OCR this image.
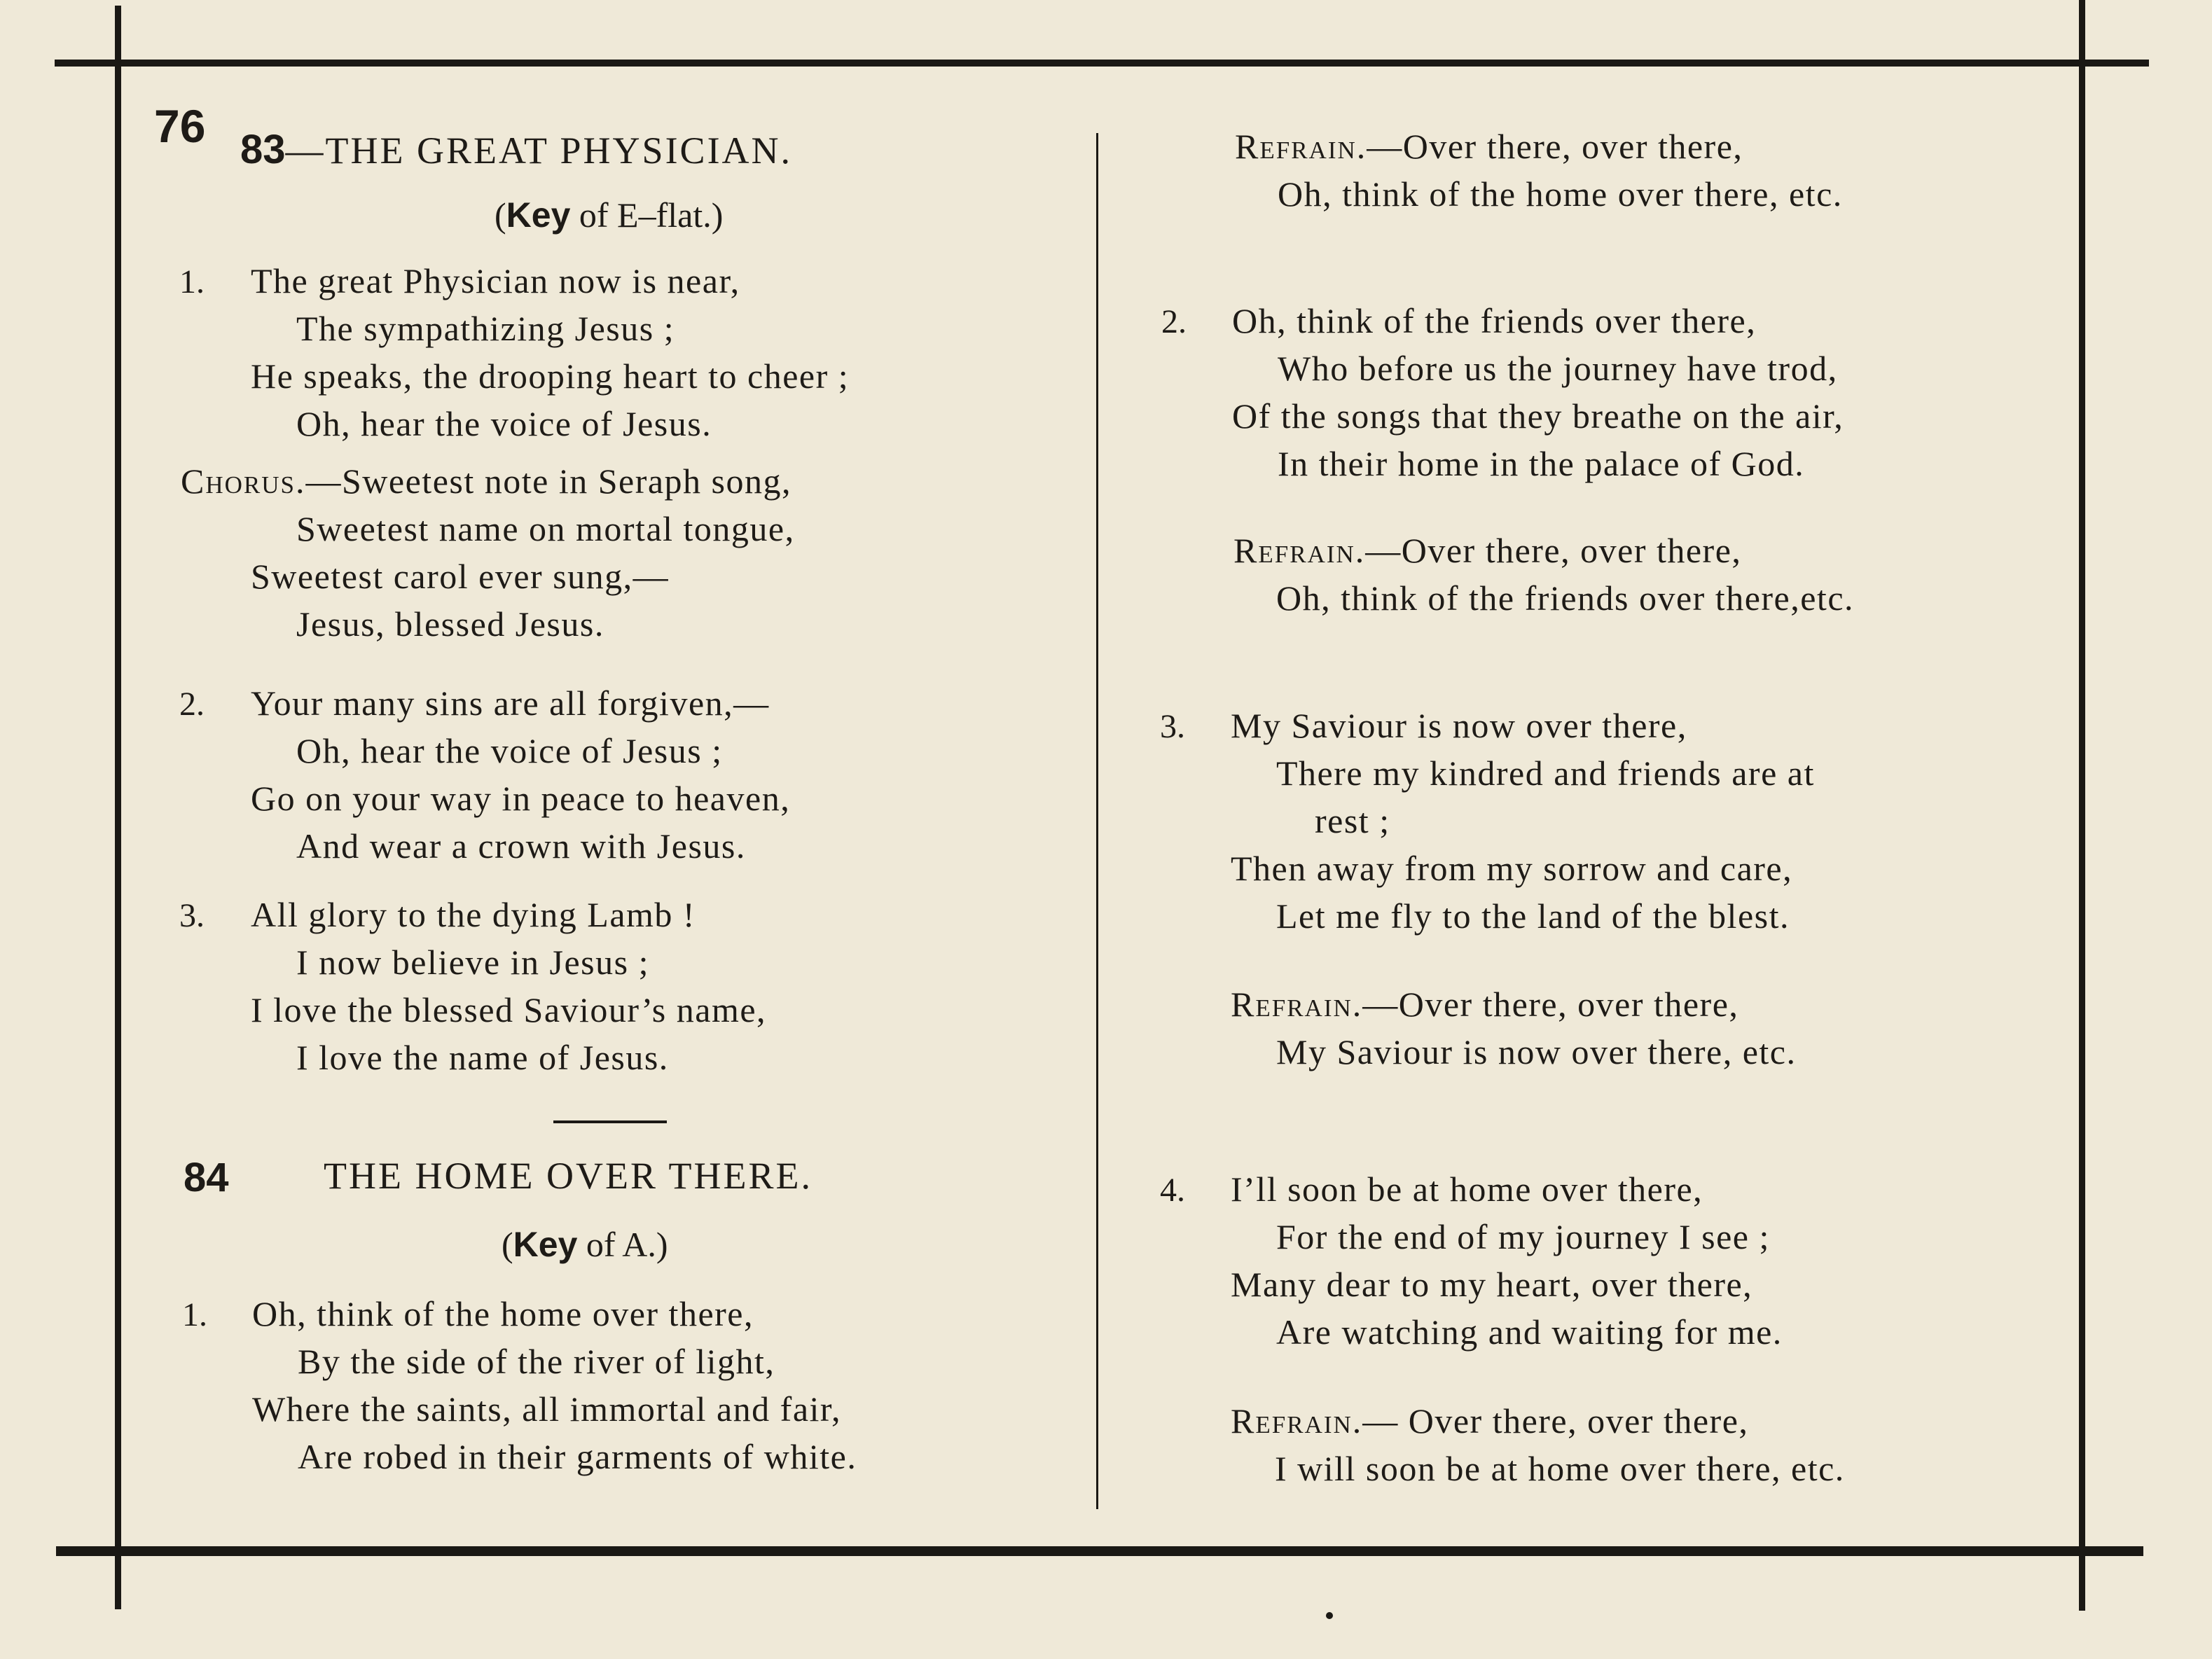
76 83—THE GREAT PHYSICIAN.
(Key of E–flat.)
1. The great Physician now is near,
The sympathizing Jesus ;
He speaks, the drooping heart to cheer ;
Oh, hear the voice of Jesus.
Chorus.—Sweetest note in Seraph song,
Sweetest name on mortal tongue,
Sweetest carol ever sung,—
Jesus, blessed Jesus.
2. Your many sins are all forgiven,—
Oh, hear the voice of Jesus ;
Go on your way in peace to heaven,
And wear a crown with Jesus.
3. All glory to the dying Lamb !
I now believe in Jesus ;
I love the blessed Saviour’s name,
I love the name of Jesus.
84	THE HOME OVER THERE.
(Key of A.)
1. Oh, think of the home over there,
By the side of the river of light,
Where the saints, all immortal and fair,
Are robed in their garments of white.
Refrain.—Over there, over there,
Oh, think of the home over there, etc.
2. Oh, think of the friends over there,
Who before us the journey have trod,
Of the songs that they breathe on the air,
In their home in the palace of God.
Refrain.—Over there, over there,
Oh, think of the friends over there,etc.
3. My Saviour is now over there,
There my kindred and friends are at
rest ;
Then away from my sorrow and care,
Let me fly to the land of the blest.
Refrain.—Over there, over there,
My Saviour is now over there, etc.
4. I’ll soon be at home over there,
For the end of my journey I see ;
Many dear to my heart, over there,
Are watching and waiting for me.
Refrain.— Over there, over there,
I will soon be at home over there, etc.
